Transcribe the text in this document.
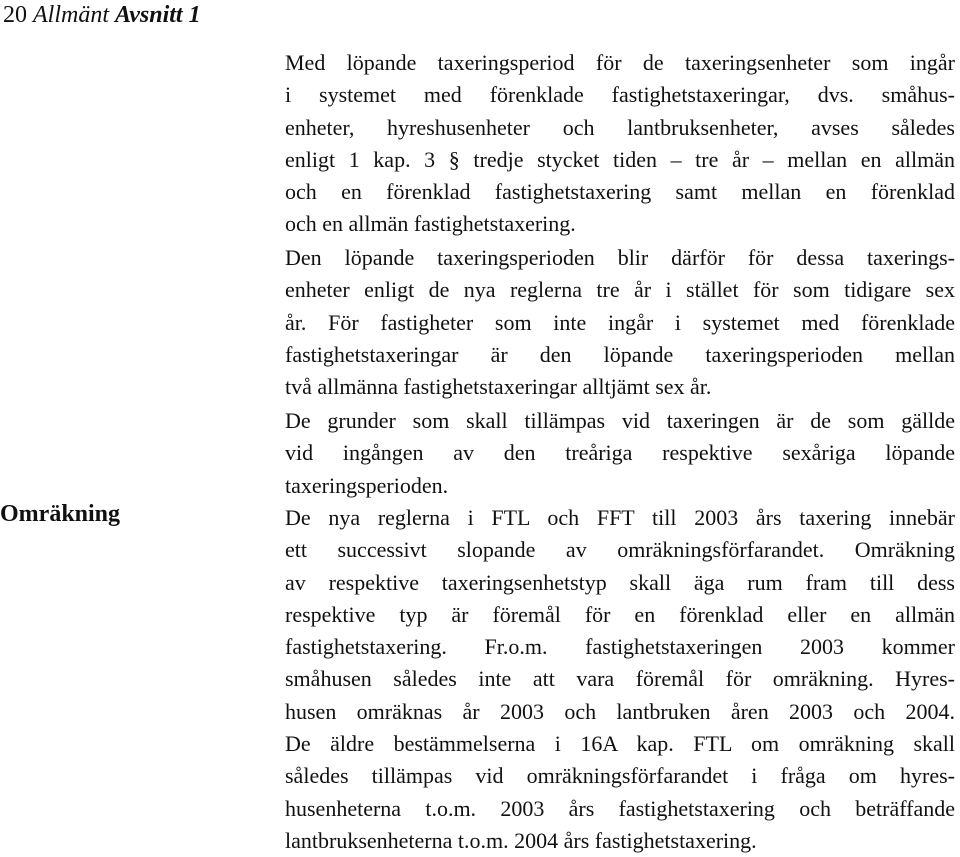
20 Allmänt Avsnitt 1
Omräkning
Med löpande taxeringsperiod för de taxeringsenheter som ingår
i systemet med förenklade fastighetstaxeringar, dvs. småhus-
enheter, hyreshusenheter och lantbruksenheter, avses således
enligt 1 kap. 3 § tredje stycket tiden – tre år – mellan en allmän
och en förenklad fastighetstaxering samt mellan en förenklad
och en allmän fastighetstaxering.
Den löpande taxeringsperioden blir därför för dessa taxerings-
enheter enligt de nya reglerna tre år i stället för som tidigare sex
år. För fastigheter som inte ingår i systemet med förenklade
fastighetstaxeringar är den löpande taxeringsperioden mellan
två allmänna fastighetstaxeringar alltjämt sex år.
De grunder som skall tillämpas vid taxeringen är de som gällde
vid ingången av den treåriga respektive sexåriga löpande
taxeringsperioden.
De nya reglerna i FTL och FFT till 2003 års taxering innebär
ett successivt slopande av omräkningsförfarandet. Omräkning
av respektive taxeringsenhetstyp skall äga rum fram till dess
respektive typ är föremål för en förenklad eller en allmän
fastighetstaxering. Fr.o.m. fastighetstaxeringen 2003 kommer
småhusen således inte att vara föremål för omräkning. Hyres-
husen omräknas år 2003 och lantbruken åren 2003 och 2004.
De äldre bestämmelserna i 16A kap. FTL om omräkning skall
således tillämpas vid omräkningsförfarandet i fråga om hyres-
husenheterna t.o.m. 2003 års fastighetstaxering och beträffande
lantbruksenheterna t.o.m. 2004 års fastighetstaxering.
